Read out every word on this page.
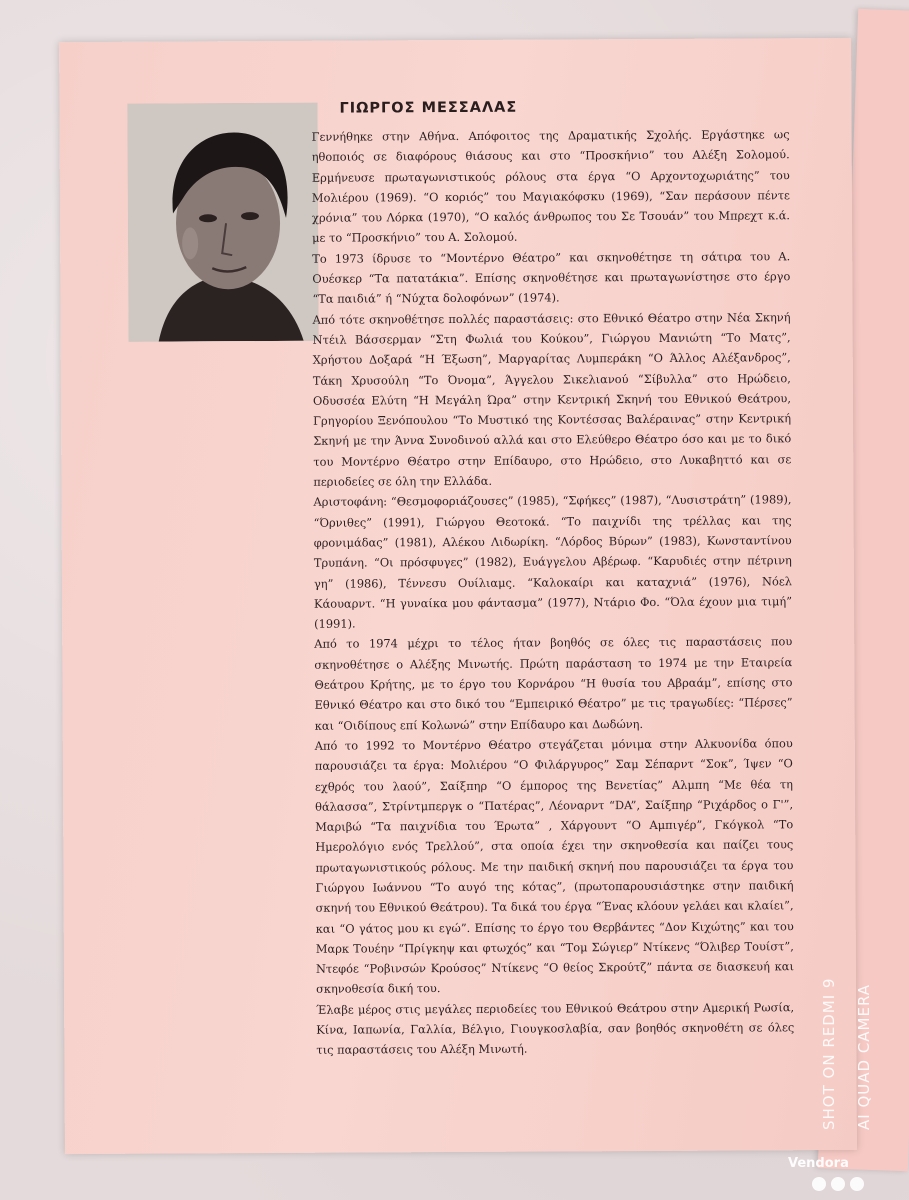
ΓΙΩΡΓΟΣ ΜΕΣΣΑΛΑΣ

Γεννήθηκε στην Αθήνα. Απόφοιτος της Δραματικής Σχολής. Εργάστηκε ως ηθοποιός σε διαφόρους θιάσους και στο “Προσκήνιο” του Αλέξη Σολομού. Ερμήνευσε πρωταγωνιστικούς ρόλους στα έργα “Ο Αρχοντοχωριάτης” του Μολιέρου (1969). “Ο κοριός” του Μαγιακόφσκυ (1969), “Σαν περάσουν πέντε χρόνια” του Λόρκα (1970), “Ο καλός άνθρωπος του Σε Τσουάν” του Μπρεχτ κ.ά. με το “Προσκήνιο” του Α. Σολομού.

Το 1973 ίδρυσε το “Μοντέρνο Θέατρο” και σκηνοθέτησε τη σάτιρα του Α. Ουέσκερ “Τα πατατάκια”. Επίσης σκηνοθέτησε και πρωταγωνίστησε στο έργο “Τα παιδιά” ή “Νύχτα δολοφόνων” (1974).

Από τότε σκηνοθέτησε πολλές παραστάσεις: στο Εθνικό Θέατρο στην Νέα Σκηνή Ντέιλ Βάσσερμαν “Στη Φωλιά του Κούκου”, Γιώργου Μανιώτη “Το Ματς”, Χρήστου Δοξαρά “Η Έξωση”, Μαργαρίτας Λυμπεράκη “Ο Άλλος Αλέξανδρος”, Τάκη Χρυσούλη “Το Όνομα”, Άγγελου Σικελιανού “Σίβυλλα” στο Ηρώδειο, Οδυσσέα Ελύτη “Η Μεγάλη Ώρα” στην Κεντρική Σκηνή του Εθνικού Θεάτρου, Γρηγορίου Ξενόπουλου “Το Μυστικό της Κοντέσσας Βαλέραινας” στην Κεντρική Σκηνή με την Άννα Συνοδινού αλλά και στο Ελεύθερο Θέατρο όσο και με το δικό του Μοντέρνο Θέατρο στην Επίδαυρο, στο Ηρώδειο, στο Λυκαβηττό και σε περιοδείες σε όλη την Ελλάδα.

Αριστοφάνη: “Θεσμοφοριάζουσες” (1985), “Σφήκες” (1987), “Λυσιστράτη” (1989), “Όρνιθες” (1991), Γιώργου Θεοτοκά. “Το παιχνίδι της τρέλλας και της φρονιμάδας” (1981), Αλέκου Λιδωρίκη. “Λόρδος Βύρων” (1983), Κωνσταντίνου Τρυπάνη. “Οι πρόσφυγες” (1982), Ευάγγελου Αβέρωφ. “Καρυδιές στην πέτρινη γη” (1986), Τέννεσυ Ουίλιαμς. “Καλοκαίρι και καταχνιά” (1976), Νόελ Κάουαρντ. “Η γυναίκα μου φάντασμα” (1977), Ντάριο Φο. “Όλα έχουν μια τιμή” (1991).

Από το 1974 μέχρι το τέλος ήταν βοηθός σε όλες τις παραστάσεις που σκηνοθέτησε ο Αλέξης Μινωτής. Πρώτη παράσταση το 1974 με την Εταιρεία Θεάτρου Κρήτης, με το έργο του Κορνάρου “Η θυσία του Αβραάμ”, επίσης στο Εθνικό Θέατρο και στο δικό του “Εμπειρικό Θέατρο” με τις τραγωδίες: “Πέρσες” και “Οιδίπους επί Κολωνώ” στην Επίδαυρο και Δωδώνη.

Από το 1992 το Μοντέρνο Θέατρο στεγάζεται μόνιμα στην Αλκυονίδα όπου παρουσιάζει τα έργα: Μολιέρου “Ο Φιλάργυρος” Σαμ Σέπαρντ “Σοκ”, Ίψεν “Ο εχθρός του λαού”, Σαίξπηρ “Ο έμπορος της Βενετίας” Αλμπη “Με θέα τη θάλασσα”, Στρίντμπεργκ ο “Πατέρας”, Λέοναρντ “DA”, Σαίξπηρ “Ριχάρδος ο Γ'”, Μαριβώ “Τα παιχνίδια του Έρωτα” , Χάργουντ “Ο Αμπιγέρ”, Γκόγκολ “Το Ημερολόγιο ενός Τρελλού”, στα οποία έχει την σκηνοθεσία και παίζει τους πρωταγωνιστικούς ρόλους. Με την παιδική σκηνή που παρουσιάζει τα έργα του Γιώργου Ιωάννου “Το αυγό της κότας”, (πρωτοπαρουσιάστηκε στην παιδική σκηνή του Εθνικού Θεάτρου). Τα δικά του έργα “Ένας κλόουν γελάει και κλαίει”, και “Ο γάτος μου κι εγώ”. Επίσης το έργο του Θερβάντες “Δον Κιχώτης” και του Μαρκ Τουέην “Πρίγκηψ και φτωχός” και “Τομ Σώγιερ” Ντίκενς “Όλιβερ Τουίστ”, Ντεφόε “Ροβινσών Κρούσος” Ντίκενς “Ο θείος Σκρούτζ” πάντα σε διασκευή και σκηνοθεσία δική του.

Έλαβε μέρος στις μεγάλες περιοδείες του Εθνικού Θεάτρου στην Αμερική Ρωσία, Κίνα, Ιαπωνία, Γαλλία, Βέλγιο, Γιουγκοσλαβία, σαν βοηθός σκηνοθέτη σε όλες τις παραστάσεις του Αλέξη Μινωτή.	SHOT ON REDMI 9 AI QUAD CAMERA
Vendora
